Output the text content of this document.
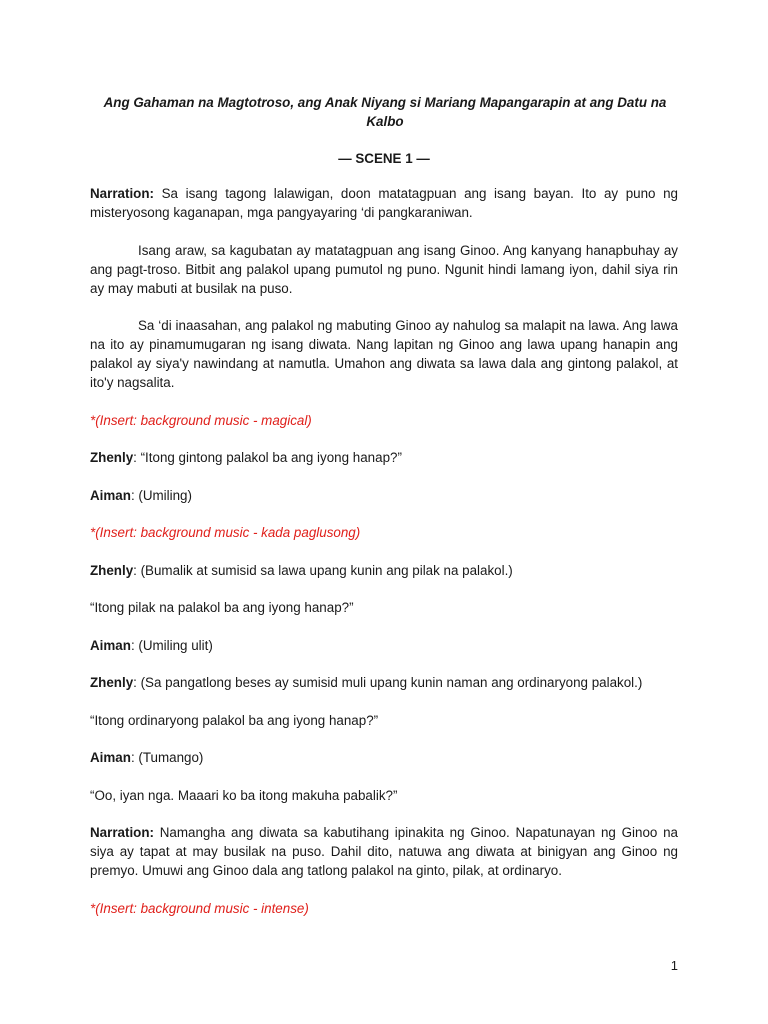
Ang Gahaman na Magtotroso, ang Anak Niyang si Mariang Mapangarapin at ang Datu na Kalbo
— SCENE 1 —

Narration: Sa isang tagong lalawigan, doon matatagpuan ang isang bayan. Ito ay puno ng misteryosong kaganapan, mga pangyayaring ‘di pangkaraniwan.

Isang araw, sa kagubatan ay matatagpuan ang isang Ginoo. Ang kanyang hanapbuhay ay ang pagt-troso. Bitbit ang palakol upang pumutol ng puno. Ngunit hindi lamang iyon, dahil siya rin ay may mabuti at busilak na puso.

Sa ‘di inaasahan, ang palakol ng mabuting Ginoo ay nahulog sa malapit na lawa. Ang lawa na ito ay pinamumugaran ng isang diwata. Nang lapitan ng Ginoo ang lawa upang hanapin ang palakol ay siya'y nawindang at namutla. Umahon ang diwata sa lawa dala ang gintong palakol, at ito'y nagsalita.

*(Insert: background music - magical)

Zhenly: “Itong gintong palakol ba ang iyong hanap?”

Aiman: (Umiling)

*(Insert: background music - kada paglusong)

Zhenly: (Bumalik at sumisid sa lawa upang kunin ang pilak na palakol.)

“Itong pilak na palakol ba ang iyong hanap?”

Aiman: (Umiling ulit)

Zhenly: (Sa pangatlong beses ay sumisid muli upang kunin naman ang ordinaryong palakol.)

“Itong ordinaryong palakol ba ang iyong hanap?”

Aiman: (Tumango)

“Oo, iyan nga. Maaari ko ba itong makuha pabalik?”

Narration: Namangha ang diwata sa kabutihang ipinakita ng Ginoo. Napatunayan ng Ginoo na siya ay tapat at may busilak na puso. Dahil dito, natuwa ang diwata at binigyan ang Ginoo ng premyo. Umuwi ang Ginoo dala ang tatlong palakol na ginto, pilak, at ordinaryo.

*(Insert: background music - intense)

1
